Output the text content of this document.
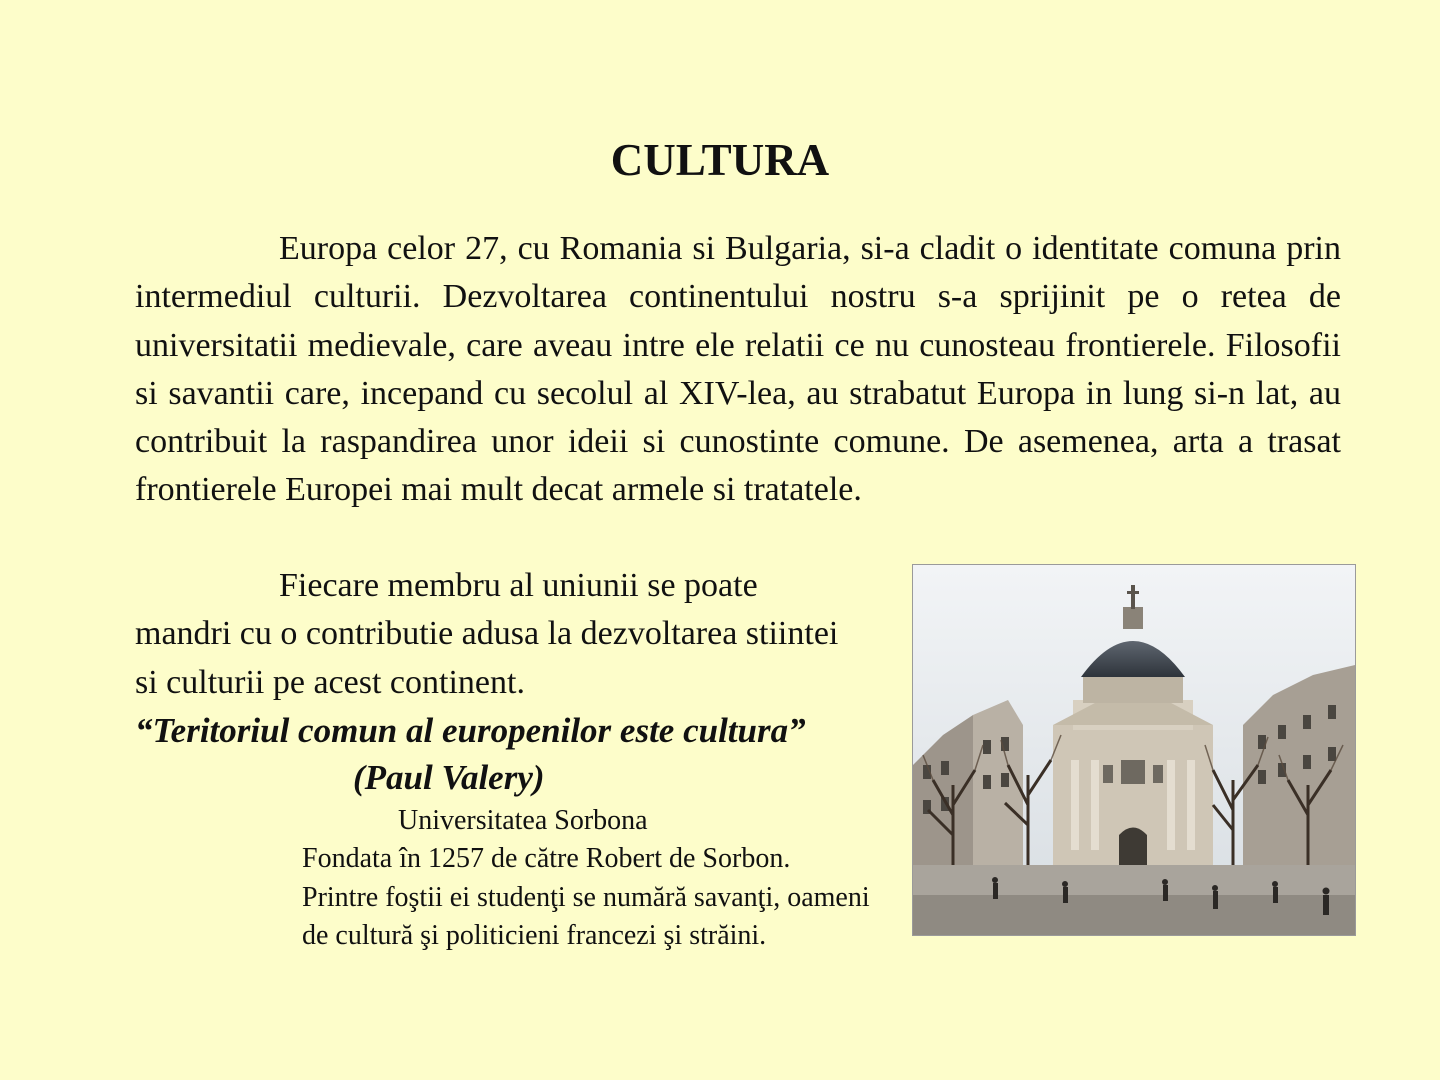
CULTURA

Europa celor 27, cu Romania si Bulgaria, si-a cladit o identitate comuna prin intermediul culturii. Dezvoltarea continentului nostru s-a sprijinit pe o retea de universitatii medievale, care aveau intre ele relatii ce nu cunosteau frontierele. Filosofii si savantii care, incepand cu secolul al XIV-lea, au strabatut Europa in lung si-n lat, au contribuit la raspandirea unor ideii si cunostinte comune. De asemenea, arta a trasat frontierele Europei mai mult decat armele si tratatele.

Fiecare membru al uniunii se poate mandri cu o contributie adusa la dezvoltarea stiintei si culturii pe acest continent.

“Teritoriul comun al europenilor este cultura”
(Paul Valery)
Universitatea Sorbona

Fondata în 1257 de către Robert de Sorbon. Printre foştii ei studenţi se numără savanţi, oameni de cultură şi politicieni francezi şi străini.
